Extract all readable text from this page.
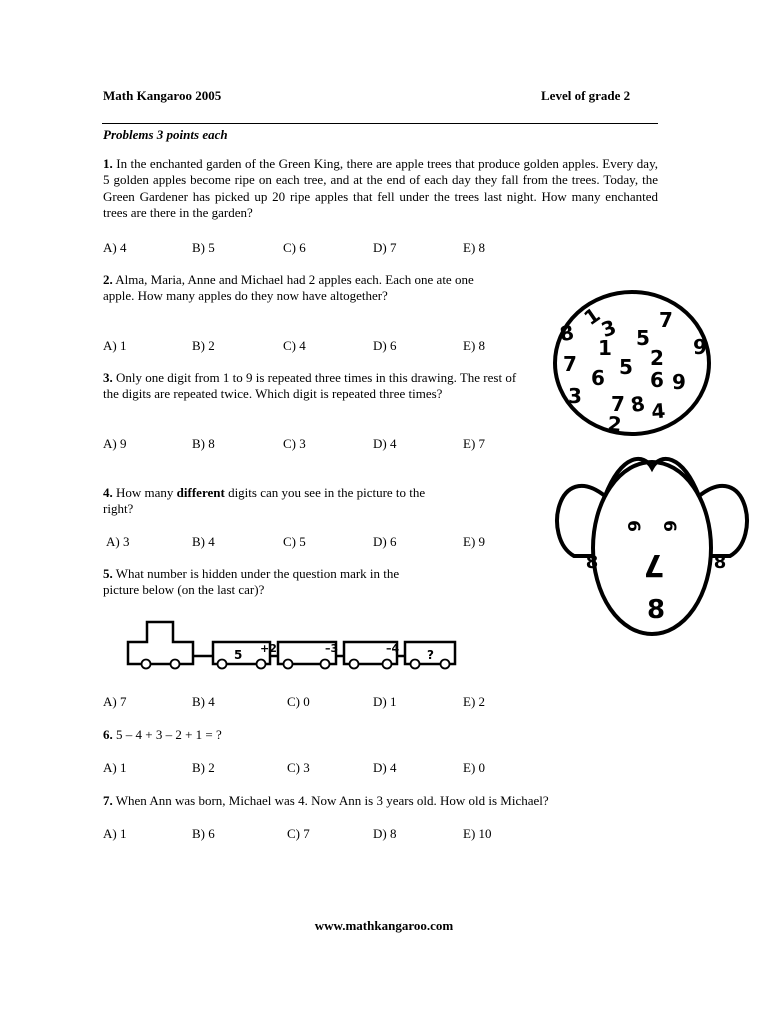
Math Kangaroo 2005	Level of grade 2
Problems 3 points each
1. In the enchanted garden of the Green King, there are apple trees that produce golden apples. Every day, 5 golden apples become ripe on each tree, and at the end of each day they fall from the trees. Today, the Green Gardener has picked up 20 ripe apples that fell under the trees last night. How many enchanted trees are there in the garden?
A) 4	B) 5	C) 6	D) 7	E) 8
2. Alma, Maria, Anne and Michael had 2 apples each. Each one ate one apple. How many apples do they now have altogether?
A) 1	B) 2	C) 4	D) 6	E) 8
3. Only one digit from 1 to 9 is repeated three times in this drawing. The rest of the digits are repeated twice. Which digit is repeated three times?
A) 9	B) 8	C) 3	D) 4	E) 7
4. How many different digits can you see in the picture to the right?
A) 3	B) 4	C) 5	D) 6	E) 9
5. What number is hidden under the question mark in the picture below (on the last car)?
5 +2	–3	–4 ?
A) 7	B) 4	C) 0	D) 1	E) 2
6. 5 – 4 + 3 – 2 + 1 = ?
A) 1	B) 2	C) 3	D) 4	E) 0
7. When Ann was born, Michael was 4. Now Ann is 3 years old. How old is Michael?
A) 1	B) 6	C) 7	D) 8	E) 10
1	7
8 3 5 9
2
7
1
5
6 6 9
3
2
7 8 4
6 6
7
8
8	8
www.mathkangaroo.com
